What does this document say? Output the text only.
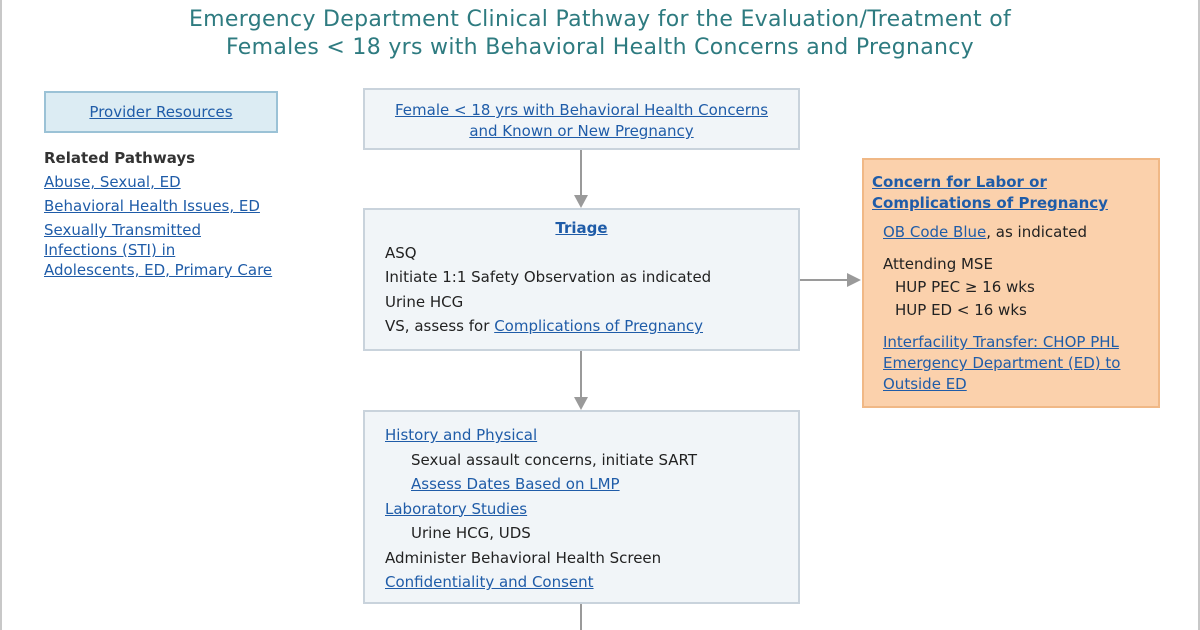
Emergency Department Clinical Pathway for the Evaluation/Treatment of
Females < 18 yrs with Behavioral Health Concerns and Pregnancy
Provider Resources
Related Pathways
Abuse, Sexual, ED
Behavioral Health Issues, ED
Sexually Transmitted
Infections (STI) in
Adolescents, ED, Primary Care
Female < 18 yrs with Behavioral Health Concerns
and Known or New Pregnancy
Triage
ASQ
Initiate 1:1 Safety Observation as indicated
Urine HCG
VS, assess for Complications of Pregnancy
History and Physical
Sexual assault concerns, initiate SART
Assess Dates Based on LMP
Laboratory Studies
Urine HCG, UDS
Administer Behavioral Health Screen
Confidentiality and Consent
Concern for Labor or
Complications of Pregnancy
OB Code Blue, as indicated
Attending MSE
HUP PEC ≥ 16 wks
HUP ED < 16 wks
Interfacility Transfer: CHOP PHL
Emergency Department (ED) to
Outside ED
